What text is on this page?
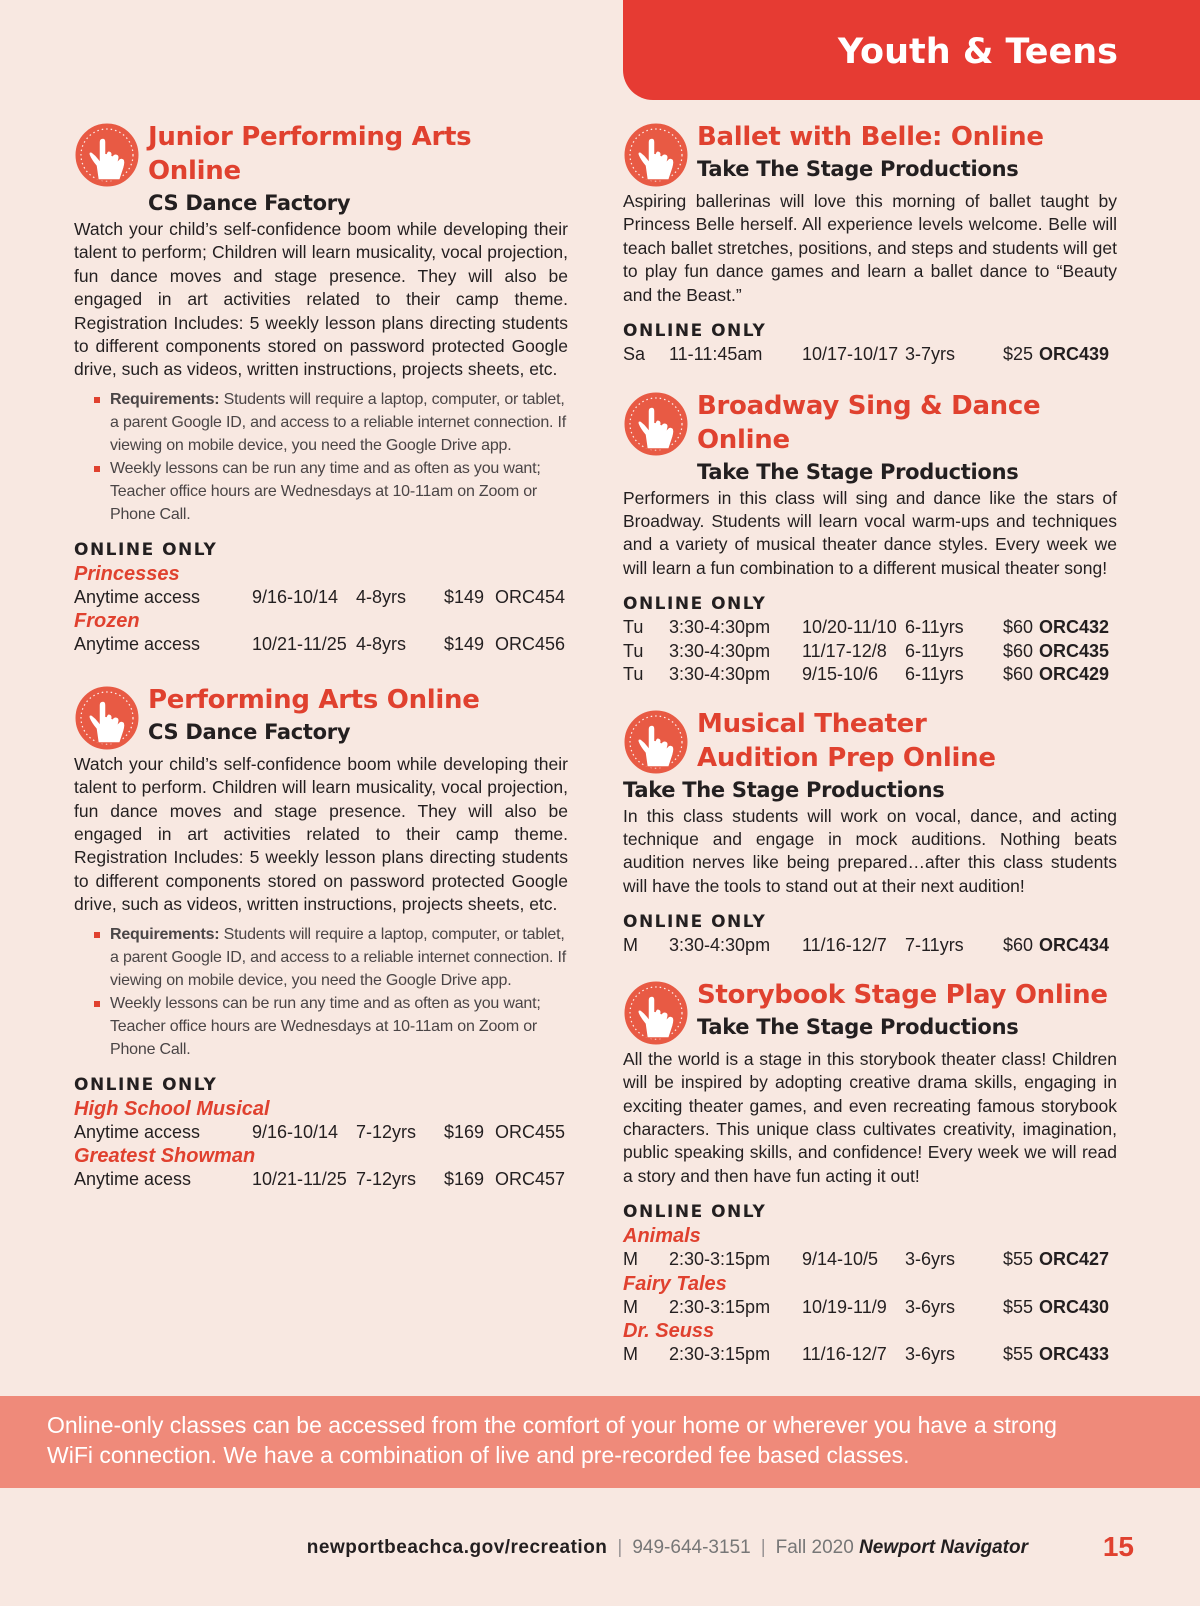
Youth & Teens
Junior Performing Arts Online
CS Dance Factory

Watch your child’s self-confidence boom while developing their talent to perform; Children will learn musicality, vocal projection, fun dance moves and stage presence. They will also be engaged in art activities related to their camp theme. Registration Includes: 5 weekly lesson plans directing students to different components stored on password protected Google drive, such as videos, written instructions, projects sheets, etc.

Requirements: Students will require a laptop, computer, or tablet, a parent Google ID, and access to a reliable internet connection. If viewing on mobile device, you need the Google Drive app.
Weekly lessons can be run any time and as often as you want; Teacher office hours are Wednesdays at 10-11am on Zoom or Phone Call.
ONLINE ONLY
Princesses
Anytime access	9/16-10/14 4-8yrs $149 ORC454
Frozen
Anytime access	10/21-11/25 4-8yrs $149 ORC456
Performing Arts Online
CS Dance Factory

Watch your child’s self-confidence boom while developing their talent to perform. Children will learn musicality, vocal projection, fun dance moves and stage presence. They will also be engaged in art activities related to their camp theme. Registration Includes: 5 weekly lesson plans directing students to different components stored on password protected Google drive, such as videos, written instructions, projects sheets, etc.

Requirements: Students will require a laptop, computer, or tablet, a parent Google ID, and access to a reliable internet connection. If viewing on mobile device, you need the Google Drive app.
Weekly lessons can be run any time and as often as you want; Teacher office hours are Wednesdays at 10-11am on Zoom or Phone Call.
ONLINE ONLY
High School Musical
Anytime access	9/16-10/14 7-12yrs $169 ORC455
Greatest Showman
Anytime acess	10/21-11/25 7-12yrs $169 ORC457
Ballet with Belle: Online
Take The Stage Productions

Aspiring ballerinas will love this morning of ballet taught by Princess Belle herself. All experience levels welcome. Belle will teach ballet stretches, positions, and steps and students will get to play fun dance games and learn a ballet dance to “Beauty and the Beast.”

ONLINE ONLY
Sa 11-11:45am 10/17-10/17 3-7yrs	$25 ORC439
Broadway Sing & Dance Online
Take The Stage Productions

Performers in this class will sing and dance like the stars of Broadway. Students will learn vocal warm-ups and techniques and a variety of musical theater dance styles. Every week we will learn a fun combination to a different musical theater song!

ONLINE ONLY
Tu 3:30-4:30pm 10/20-11/10 6-11yrs $60 ORC432
Tu 3:30-4:30pm 11/17-12/8 6-11yrs $60 ORC435
Tu 3:30-4:30pm 9/15-10/6 6-11yrs $60 ORC429
Musical Theater
Audition Prep Online
Take The Stage Productions

In this class students will work on vocal, dance, and acting technique and engage in mock auditions. Nothing beats audition nerves like being prepared…after this class students will have the tools to stand out at their next audition!

ONLINE ONLY
M 3:30-4:30pm 11/16-12/7 7-11yrs $60 ORC434
Storybook Stage Play Online
Take The Stage Productions

All the world is a stage in this storybook theater class! Children will be inspired by adopting creative drama skills, engaging in exciting theater games, and even recreating famous storybook characters. This unique class cultivates creativity, imagination, public speaking skills, and confidence! Every week we will read a story and then have fun acting it out!

ONLINE ONLY
Animals
M 2:30-3:15pm 9/14-10/5 3-6yrs	$55 ORC427
Fairy Tales
M 2:30-3:15pm 10/19-11/9 3-6yrs	$55 ORC430
Dr. Seuss
M 2:30-3:15pm 11/16-12/7 3-6yrs	$55 ORC433

Online-only classes can be accessed from the comfort of your home or wherever you have a strong WiFi connection. We have a combination of live and pre-recorded fee based classes.

newportbeachca.gov/recreation | 949-644-3151 | Fall 2020 Newport Navigator	15
